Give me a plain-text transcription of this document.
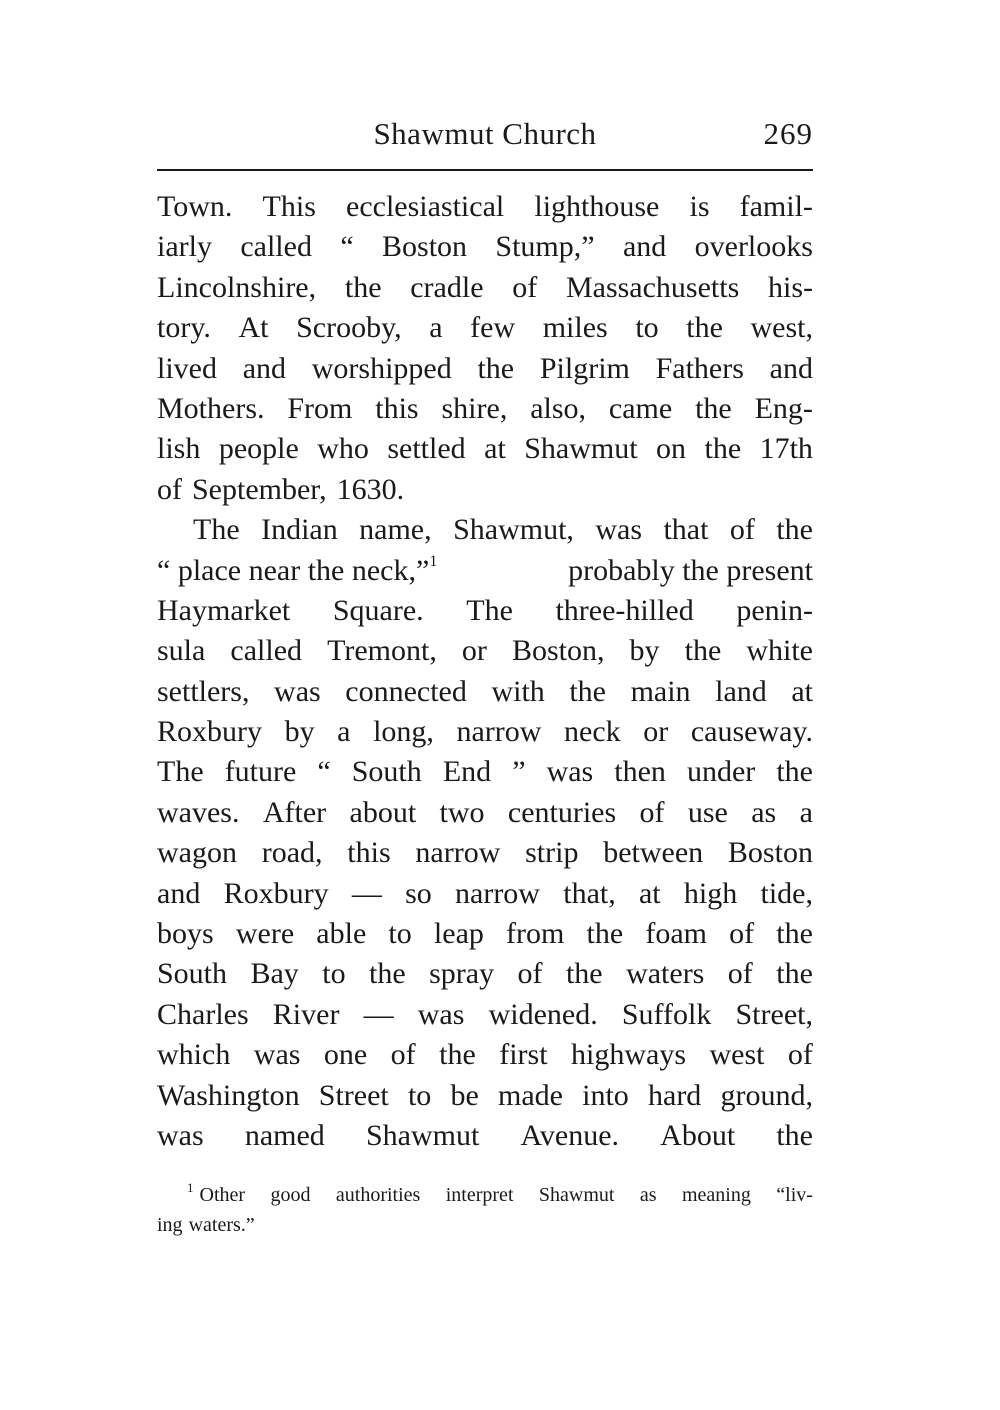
Shawmut Church	269
Town. This ecclesiastical lighthouse is famil-
iarly called “ Boston Stump,” and overlooks
Lincolnshire, the cradle of Massachusetts his-
tory. At Scrooby, a few miles to the west,
lived and worshipped the Pilgrim Fathers and
Mothers. From this shire, also, came the Eng-
lish people who settled at Shawmut on the 17th
of September, 1630.
The Indian name, Shawmut, was that of the
“ place near the neck,”$^1$	probably the present
Haymarket Square. The three-hilled penin-
sula called Tremont, or Boston, by the white
settlers, was connected with the main land at
Roxbury by a long, narrow neck or causeway.
The future “ South End ” was then under the
waves. After about two centuries of use as a
wagon road, this narrow strip between Boston
and Roxbury — so narrow that, at high tide,
boys were able to leap from the foam of the
South Bay to the spray of the waters of the
Charles River — was widened. Suffolk Street,
which was one of the first highways west of
Washington Street to be made into hard ground,
was named Shawmut Avenue. About the
$^1$ Other good authorities interpret Shawmut as meaning “liv-
ing waters.”
